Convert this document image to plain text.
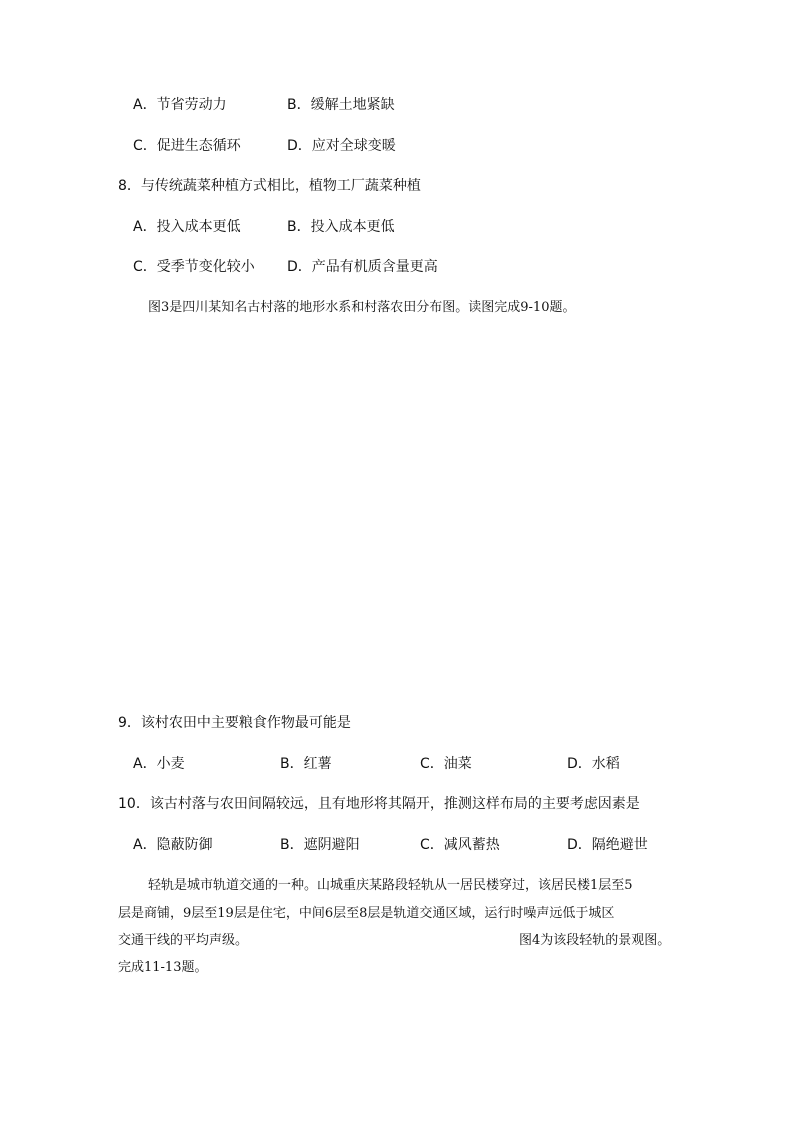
A．节省劳动力	B．缓解土地紧缺
C．促进生态循环	D．应对全球变暖
8．与传统蔬菜种植方式相比，植物工厂蔬菜种植
A．投入成本更低	B．投入成本更低
C．受季节变化较小 D．产品有机质含量更高
图3是四川某知名古村落的地形水系和村落农田分布图。读图完成9-10题。
9．该村农田中主要粮食作物最可能是
A．小麦	B．红薯	C．油菜	D．水稻
10．该古村落与农田间隔较远，且有地形将其隔开，推测这样布局的主要考虑因素是
A．隐蔽防御	B．遮阴避阳	C．减风蓄热	D．隔绝避世
轻轨是城市轨道交通的一种。山城重庆某路段轻轨从一居民楼穿过，该居民楼1层至5
层是商铺，9层至19层是住宅，中间6层至8层是轨道交通区域，运行时噪声远低于城区
交通干线的平均声级。	图4为该段轻轨的景观图。
完成11-13题。
